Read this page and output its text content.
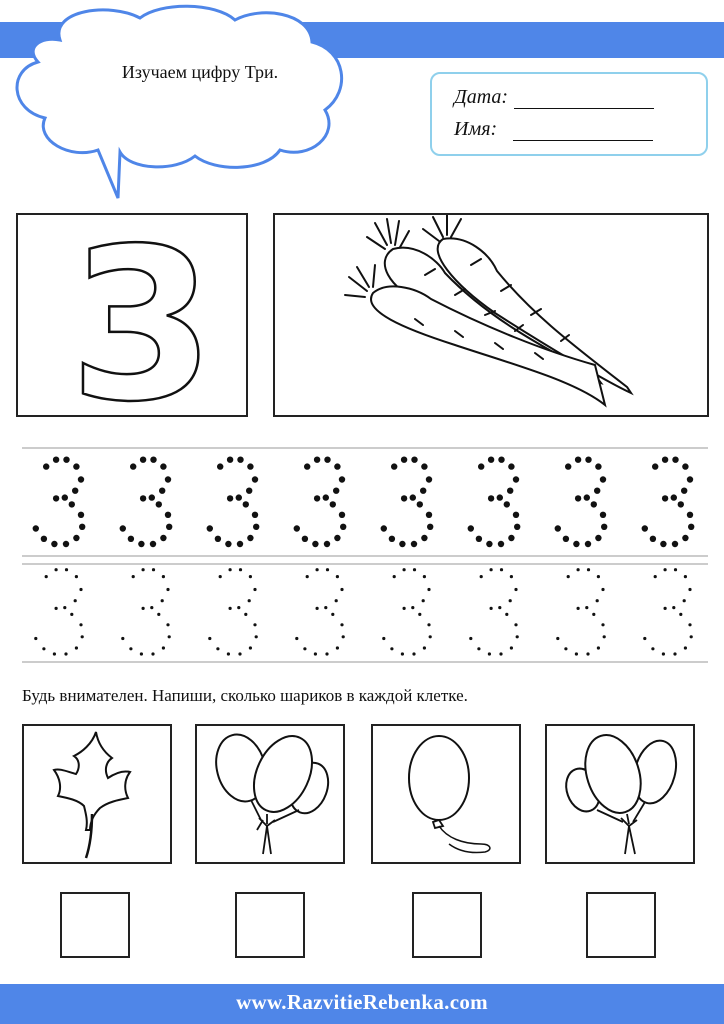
Изучаем цифру Три.
Дата:
Имя:
3
Будь внимателен. Напиши, сколько шариков в каждой клетке.
www.RazvitieRebenka.com
